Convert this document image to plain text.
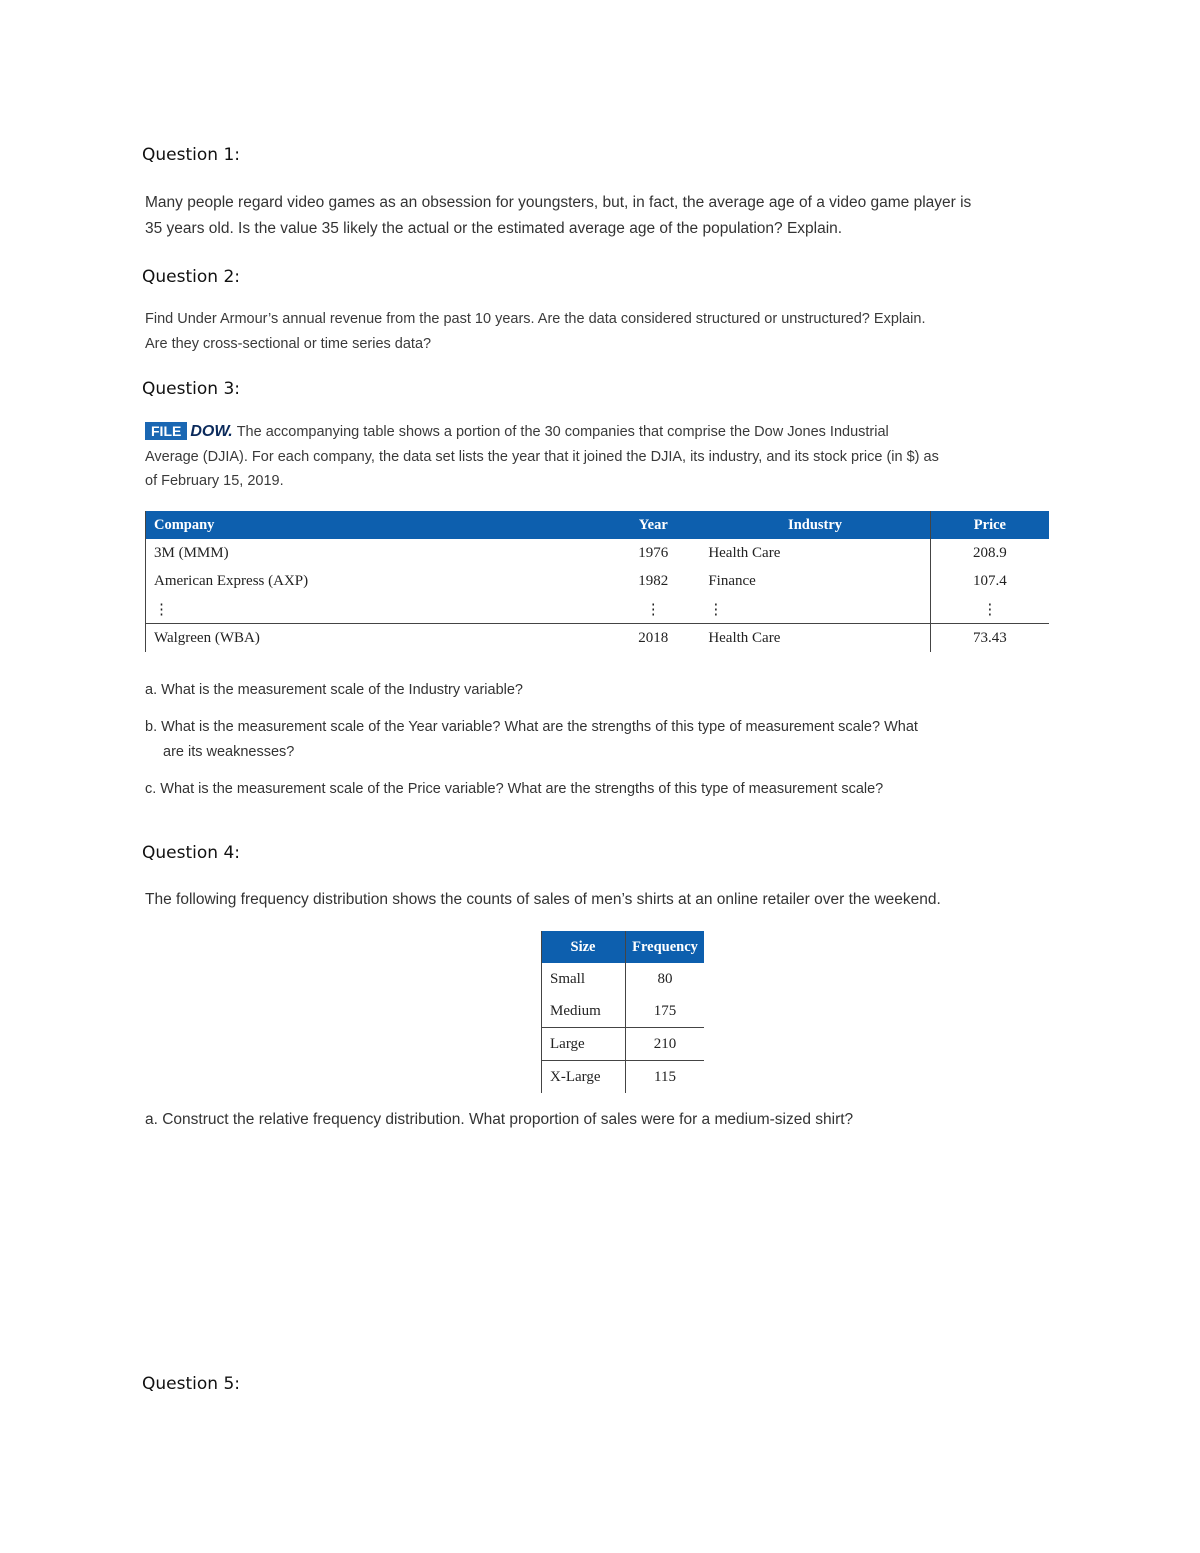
Question 1:
Many people regard video games as an obsession for youngsters, but, in fact, the average age of a video game player is
35 years old. Is the value 35 likely the actual or the estimated average age of the population? Explain.
Question 2:
Find Under Armour’s annual revenue from the past 10 years. Are the data considered structured or unstructured? Explain.
Are they cross-sectional or time series data?
Question 3:
FILE DOW. The accompanying table shows a portion of the 30 companies that comprise the Dow Jones Industrial
Average (DJIA). For each company, the data set lists the year that it joined the DJIA, its industry, and its stock price (in $) as
of February 15, 2019.
Company	Year	Industry	Price
3M (MMM)	1976	Health Care	208.9
American Express (AXP)	1982	Finance	107.4
⋮	⋮	⋮	⋮
Walgreen (WBA)	2018	Health Care	73.43
a. What is the measurement scale of the Industry variable?
b. What is the measurement scale of the Year variable? What are the strengths of this type of measurement scale? What
are its weaknesses?
c. What is the measurement scale of the Price variable? What are the strengths of this type of measurement scale?
Question 4:
The following frequency distribution shows the counts of sales of men’s shirts at an online retailer over the weekend.
Size	Frequency
Small	80
Medium	175
Large	210
X-Large	115
a. Construct the relative frequency distribution. What proportion of sales were for a medium-sized shirt?
Question 5:
